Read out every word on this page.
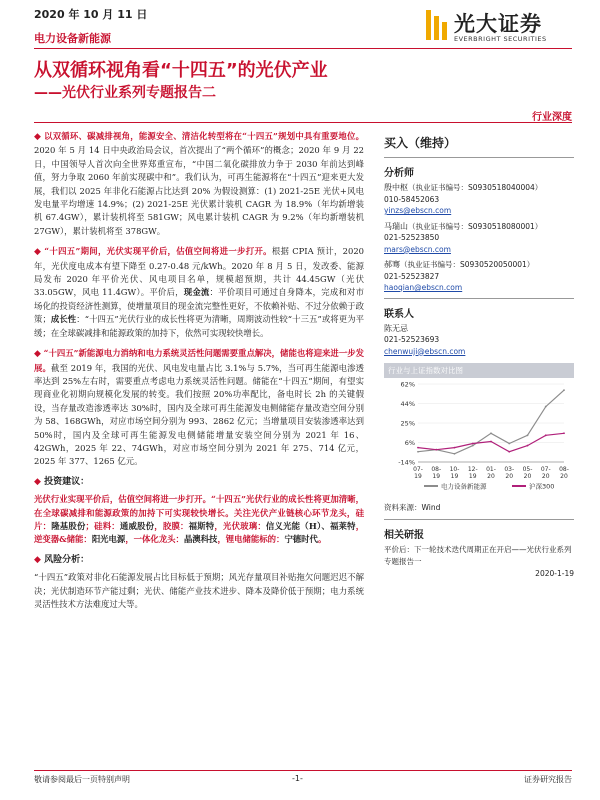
2020 年 10 月 11 日
电力设备新能源
光大证券
EVERBRIGHT SECURITIES
从双循环视角看“十四五”的光伏产业
——光伏行业系列专题报告二
行业深度

◆ 以双循环、碳减排视角，能源安全、清洁化转型将在“十四五”规划中具有重要地位。2020 年 5 月 14 日中央政治局会议，首次提出了“两个循环”的概念；2020 年 9 月 22 日，中国领导人首次向全世界郑重宣布，“中国二氧化碳排放力争于 2030 年前达到峰值，努力争取 2060 年前实现碳中和”。我们认为，可再生能源将在“十四五”迎来更大发展，我们以 2025 年非化石能源占比达到 20% 为假设测算：(1) 2021-25E 光伏+风电发电量平均增速 14.9%；(2) 2021-25E 光伏累计装机 CAGR 为 18.9%（年均新增装机 67.4GW），累计装机将至 581GW；风电累计装机 CAGR 为 9.2%（年均新增装机 27GW），累计装机将至 378GW。

◆ “十四五”期间，光伏实现平价后，估值空间将进一步打开。根据 CPIA 预计，2020 年，光伏度电成本有望下降至 0.27-0.48 元/kWh。2020 年 8 月 5 日，发改委、能源局发布 2020 年平价光伏、风电项目名单，规模超预期，共计 44.45GW（光伏 33.05GW，风电 11.4GW）。平价后，现金流：平价项目可通过自身降本，完成和对市场化的投资经济性测算，使增量项目的现金流完整性更好，不依赖补贴、不过分依赖于政策；成长性：“十四五”光伏行业的成长性将更为清晰，周期波动性较“十三五”或将更为平缓；在全球碳减排和能源政策的加持下，依然可实现较快增长。

◆ “十四五”新能源电力消纳和电力系统灵活性问题需要重点解决，储能也将迎来进一步发展。截至 2019 年，我国的光伏、风电发电量占比 3.1%与 5.7%，当可再生能源电渗透率达到 25%左右时，需要重点考虑电力系统灵活性问题。储能在“十四五”期间，有望实现商业化初期向规模化发展的转变。我们按照 20%功率配比，备电时长 2h 的关键假设，当存量改造渗透率达 30%时，国内及全球可再生能源发电侧储能存量改造空间分别为 58、168GWh，对应市场空间分别为 993、2862 亿元；当增量项目安装渗透率达到 50%时，国内及全球可再生能源发电侧储能增量安装空间分别为 2021 年 16、42GWh，2025 年 22、74GWh，对应市场空间分别为 2021 年 275、714 亿元，2025 年 377、1265 亿元。

◆ 投资建议：

光伏行业实现平价后，估值空间将进一步打开。“十四五”光伏行业的成长性将更加清晰，在全球碳减排和能源政策的加持下可实现较快增长。关注光伏产业链核心环节龙头，硅片：隆基股份；硅料：通威股份，胶膜：福斯特，光伏玻璃：信义光能（H）、福莱特，逆变器&储能：阳光电源，一体化龙头：晶澳科技，锂电储能标的：宁德时代。

◆ 风险分析：

“十四五”政策对非化石能源发展占比目标低于预期；风光存量项目补贴拖欠问题迟迟不解决；光伏制造环节产能过剩；光伏、储能产业技术进步、降本及降价低于预期；电力系统灵活性技术方法难度过大等。

买入（维持）
分析师
殷中枢（执业证书编号：S0930518040004）
010-58452063
yinzs@ebscn.com
马瑞山（执业证书编号：S0930518080001）
021-52523850
mars@ebscn.com
郝骞（执业证书编号：S0930520050001）
021-52523827
haoqian@ebscn.com
联系人
陈无忌
021-52523693
chenwuji@ebscn.com
行业与上证指数对比图
-14%
6%
25%
44%
62%
07-
19
08-
19
10-
19
12-
19
01-
20
03-
20
05-
20
07-
20
08-
20
电力设备新能源	沪深300
资料来源：Wind
相关研报
平价后：下一轮技术迭代周期正在开启——光伏行业系列专题报告一
2020-1-19
敬请参阅最后一页特别声明	-1-	证券研究报告
